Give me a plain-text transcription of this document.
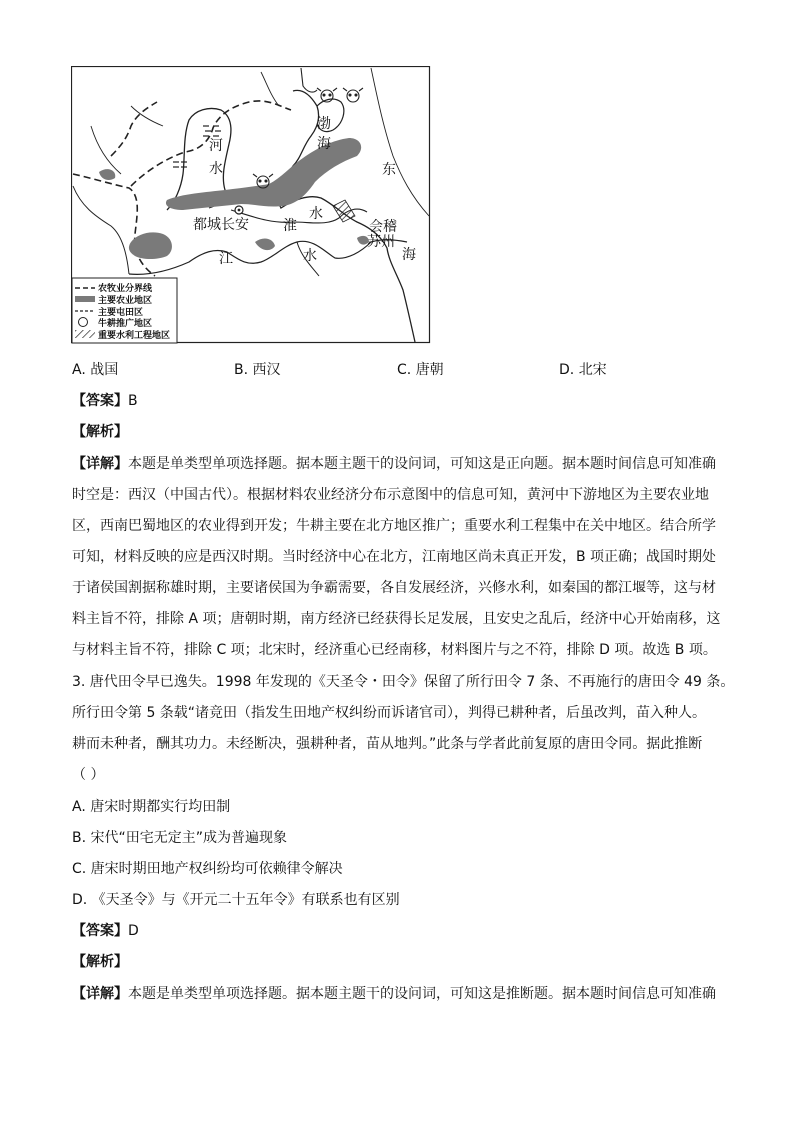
渤
海
东
海
河
水
淮
水
江	水
都城长安	会稽
苏州
农牧业分界线
主要农业地区
主要屯田区
牛耕推广地区
重要水利工程地区
A. 战国	B. 西汉	C. 唐朝	D. 北宋
【答案】B
【解析】
【详解】本题是单类型单项选择题。据本题主题干的设问词，可知这是正向题。据本题时间信息可知准确
时空是：西汉（中国古代）。根据材料农业经济分布示意图中的信息可知，黄河中下游地区为主要农业地
区，西南巴蜀地区的农业得到开发；牛耕主要在北方地区推广；重要水利工程集中在关中地区。结合所学
可知，材料反映的应是西汉时期。当时经济中心在北方，江南地区尚未真正开发，B 项正确；战国时期处
于诸侯国割据称雄时期，主要诸侯国为争霸需要，各自发展经济，兴修水利，如秦国的都江堰等，这与材
料主旨不符，排除 A 项；唐朝时期，南方经济已经获得长足发展，且安史之乱后，经济中心开始南移，这
与材料主旨不符，排除 C 项；北宋时，经济重心已经南移，材料图片与之不符，排除 D 项。故选 B 项。
3. 唐代田令早已逸失。1998 年发现的《天圣令・田令》保留了所行田令 7 条、不再施行的唐田令 49 条。
所行田令第 5 条载“诸竞田（指发生田地产权纠纷而诉诸官司），判得已耕种者，后虽改判，苗入种人。
耕而未种者，酬其功力。未经断决，强耕种者，苗从地判。”此条与学者此前复原的唐田令同。据此推断
（ ）
A. 唐宋时期都实行均田制
B. 宋代“田宅无定主”成为普遍现象
C. 唐宋时期田地产权纠纷均可依赖律令解决
D. 《天圣令》与《开元二十五年令》有联系也有区别
【答案】D
【解析】
【详解】本题是单类型单项选择题。据本题主题干的设问词，可知这是推断题。据本题时间信息可知准确
